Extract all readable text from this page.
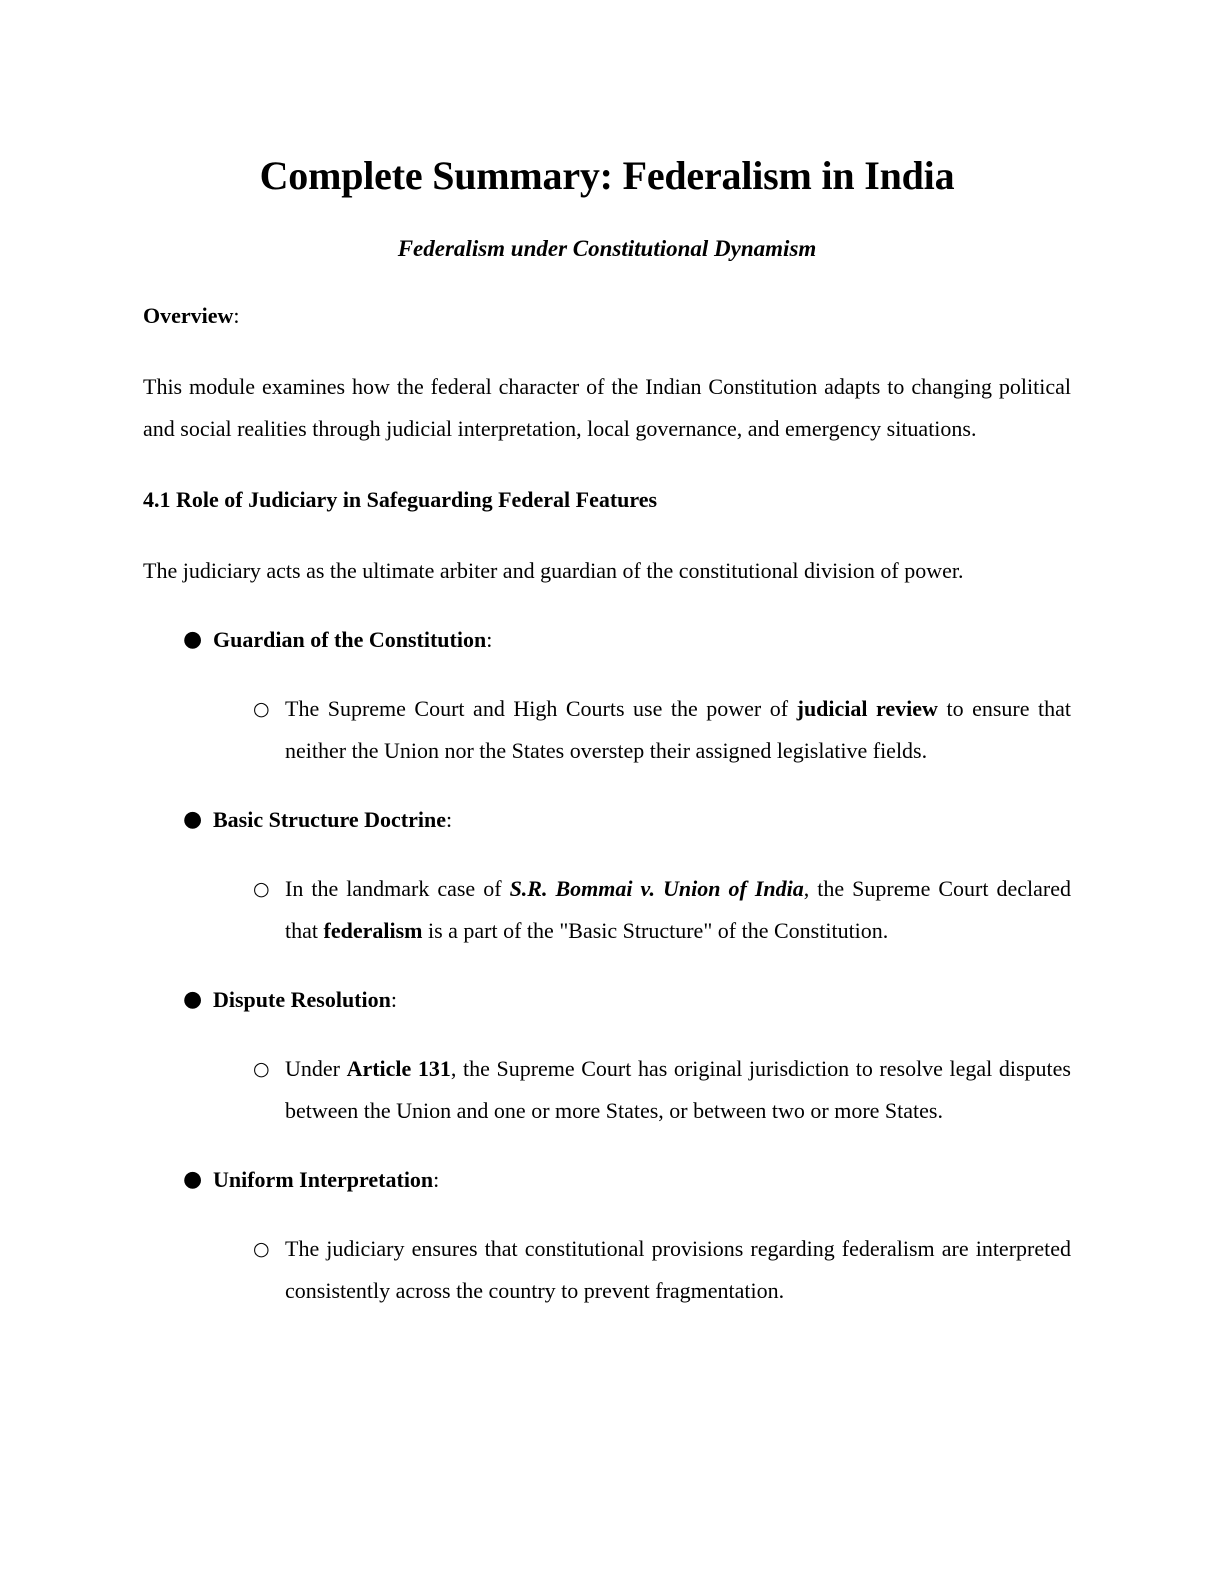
Complete Summary: Federalism in India
Federalism under Constitutional Dynamism

Overview:

This module examines how the federal character of the Indian Constitution adapts to changing political and social realities through judicial interpretation, local governance, and emergency situations.

4.1 Role of Judiciary in Safeguarding Federal Features

The judiciary acts as the ultimate arbiter and guardian of the constitutional division of power.

● Guardian of the Constitution:
○ The Supreme Court and High Courts use the power of judicial review to ensure that neither the Union nor the States overstep their assigned legislative fields.
● Basic Structure Doctrine:
○ In the landmark case of S.R. Bommai v. Union of India, the Supreme Court declared that federalism is a part of the "Basic Structure" of the Constitution.
● Dispute Resolution:
○ Under Article 131, the Supreme Court has original jurisdiction to resolve legal disputes between the Union and one or more States, or between two or more States.
● Uniform Interpretation:
○ The judiciary ensures that constitutional provisions regarding federalism are interpreted consistently across the country to prevent fragmentation.
